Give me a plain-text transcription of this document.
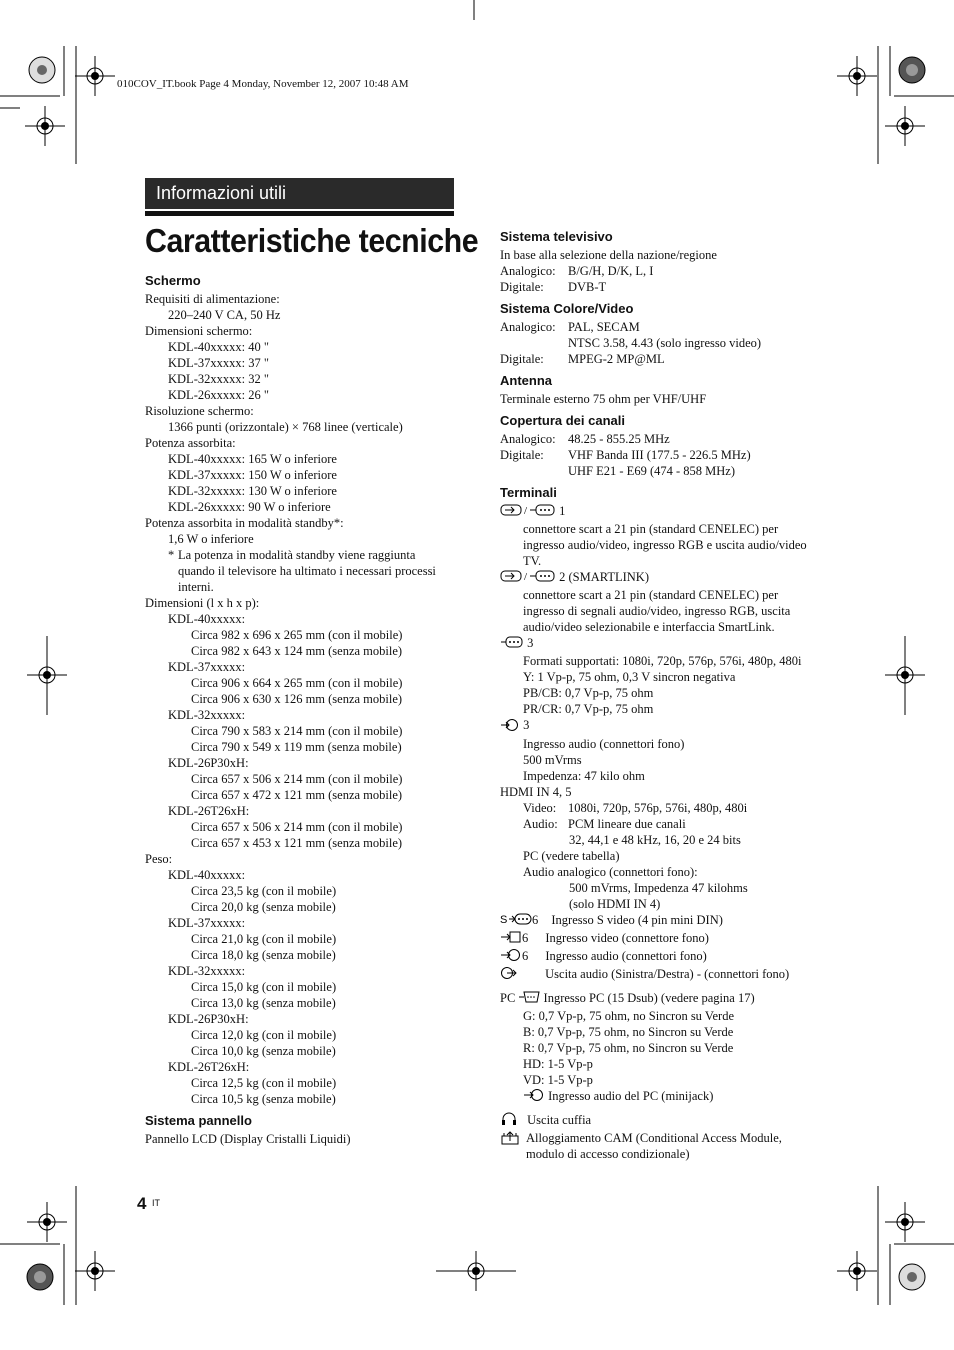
010COV_IT.book Page 4 Monday, November 12, 2007 10:48 AM
Informazioni utili
Caratteristiche tecniche
Schermo
Requisiti di alimentazione:
220–240 V CA, 50 Hz
Dimensioni schermo:
KDL-40xxxxx: 40 "
KDL-37xxxxx: 37 "
KDL-32xxxxx: 32 "
KDL-26xxxxx: 26 "
Risoluzione schermo:
1366 punti (orizzontale) × 768 linee (verticale)
Potenza assorbita:
KDL-40xxxxx: 165 W o inferiore
KDL-37xxxxx: 150 W o inferiore
KDL-32xxxxx: 130 W o inferiore
KDL-26xxxxx: 90 W o inferiore
Potenza assorbita in modalità standby*:
1,6 W o inferiore
* La potenza in modalità standby viene raggiunta quando il televisore ha ultimato i necessari processi interni.
Dimensioni (l x h x p):
KDL-40xxxxx:
Circa 982 x 696 x 265 mm (con il mobile)
Circa 982 x 643 x 124 mm (senza mobile)
KDL-37xxxxx:
Circa 906 x 664 x 265 mm (con il mobile)
Circa 906 x 630 x 126 mm (senza mobile)
KDL-32xxxxx:
Circa 790 x 583 x 214 mm (con il mobile)
Circa 790 x 549 x 119 mm (senza mobile)
KDL-26P30xH:
Circa 657 x 506 x 214 mm (con il mobile)
Circa 657 x 472 x 121 mm (senza mobile)
KDL-26T26xH:
Circa 657 x 506 x 214 mm (con il mobile)
Circa 657 x 453 x 121 mm (senza mobile)
Peso:
KDL-40xxxxx:
Circa 23,5 kg (con il mobile)
Circa 20,0 kg (senza mobile)
KDL-37xxxxx:
Circa 21,0 kg (con il mobile)
Circa 18,0 kg (senza mobile)
KDL-32xxxxx:
Circa 15,0 kg (con il mobile)
Circa 13,0 kg (senza mobile)
KDL-26P30xH:
Circa 12,0 kg (con il mobile)
Circa 10,0 kg (senza mobile)
KDL-26T26xH:
Circa 12,5 kg (con il mobile)
Circa 10,5 kg (senza mobile)
Sistema pannello
Pannello LCD (Display Cristalli Liquidi)
Sistema televisivo
In base alla selezione della nazione/regione
Analogico: B/G/H, D/K, L, I
Digitale: DVB-T
Sistema Colore/Video
Analogico: PAL, SECAM
NTSC 3.58, 4.43 (solo ingresso video)
Digitale: MPEG-2 MP@ML
Antenna
Terminale esterno 75 ohm per VHF/UHF
Copertura dei canali
Analogico: 48.25 - 855.25 MHz
Digitale: VHF Banda III (177.5 - 226.5 MHz)
UHF E21 - E69 (474 - 858 MHz)
Terminali
/	1
connettore scart a 21 pin (standard CENELEC) per ingresso audio/video, ingresso RGB e uscita audio/video TV.
/	2 (SMARTLINK)
connettore scart a 21 pin (standard CENELEC) per ingresso di segnali audio/video, ingresso RGB, uscita audio/video selezionabile e interfaccia SmartLink.
3
Formati supportati: 1080i, 720p, 576p, 576i, 480p, 480i
Y: 1 Vp-p, 75 ohm, 0,3 V sincron negativa
PB/CB: 0,7 Vp-p, 75 ohm
PR/CR: 0,7 Vp-p, 75 ohm
3
Ingresso audio (connettori fono)
500 mVrms
Impedenza: 47 kilo ohm
HDMI IN 4, 5
Video: 1080i, 720p, 576p, 576i, 480p, 480i
Audio: PCM lineare due canali
32, 44,1 e 48 kHz, 16, 20 e 24 bits
PC (vedere tabella)
Audio analogico (connettori fono):
500 mVrms, Impedenza 47 kilohms
(solo HDMI IN 4)
S 6 Ingresso S video (4 pin mini DIN)
6 Ingresso video (connettore fono)
6 Ingresso audio (connettori fono)
Uscita audio (Sinistra/Destra) - (connettori fono)
PC Ingresso PC (15 Dsub) (vedere pagina 17)
G: 0,7 Vp-p, 75 ohm, no Sincron su Verde
B: 0,7 Vp-p, 75 ohm, no Sincron su Verde
R: 0,7 Vp-p, 75 ohm, no Sincron su Verde
HD: 1-5 Vp-p
VD: 1-5 Vp-p
Ingresso audio del PC (minijack)
Uscita cuffia
Alloggiamento CAM (Conditional Access Module, modulo di accesso condizionale)
4 IT
